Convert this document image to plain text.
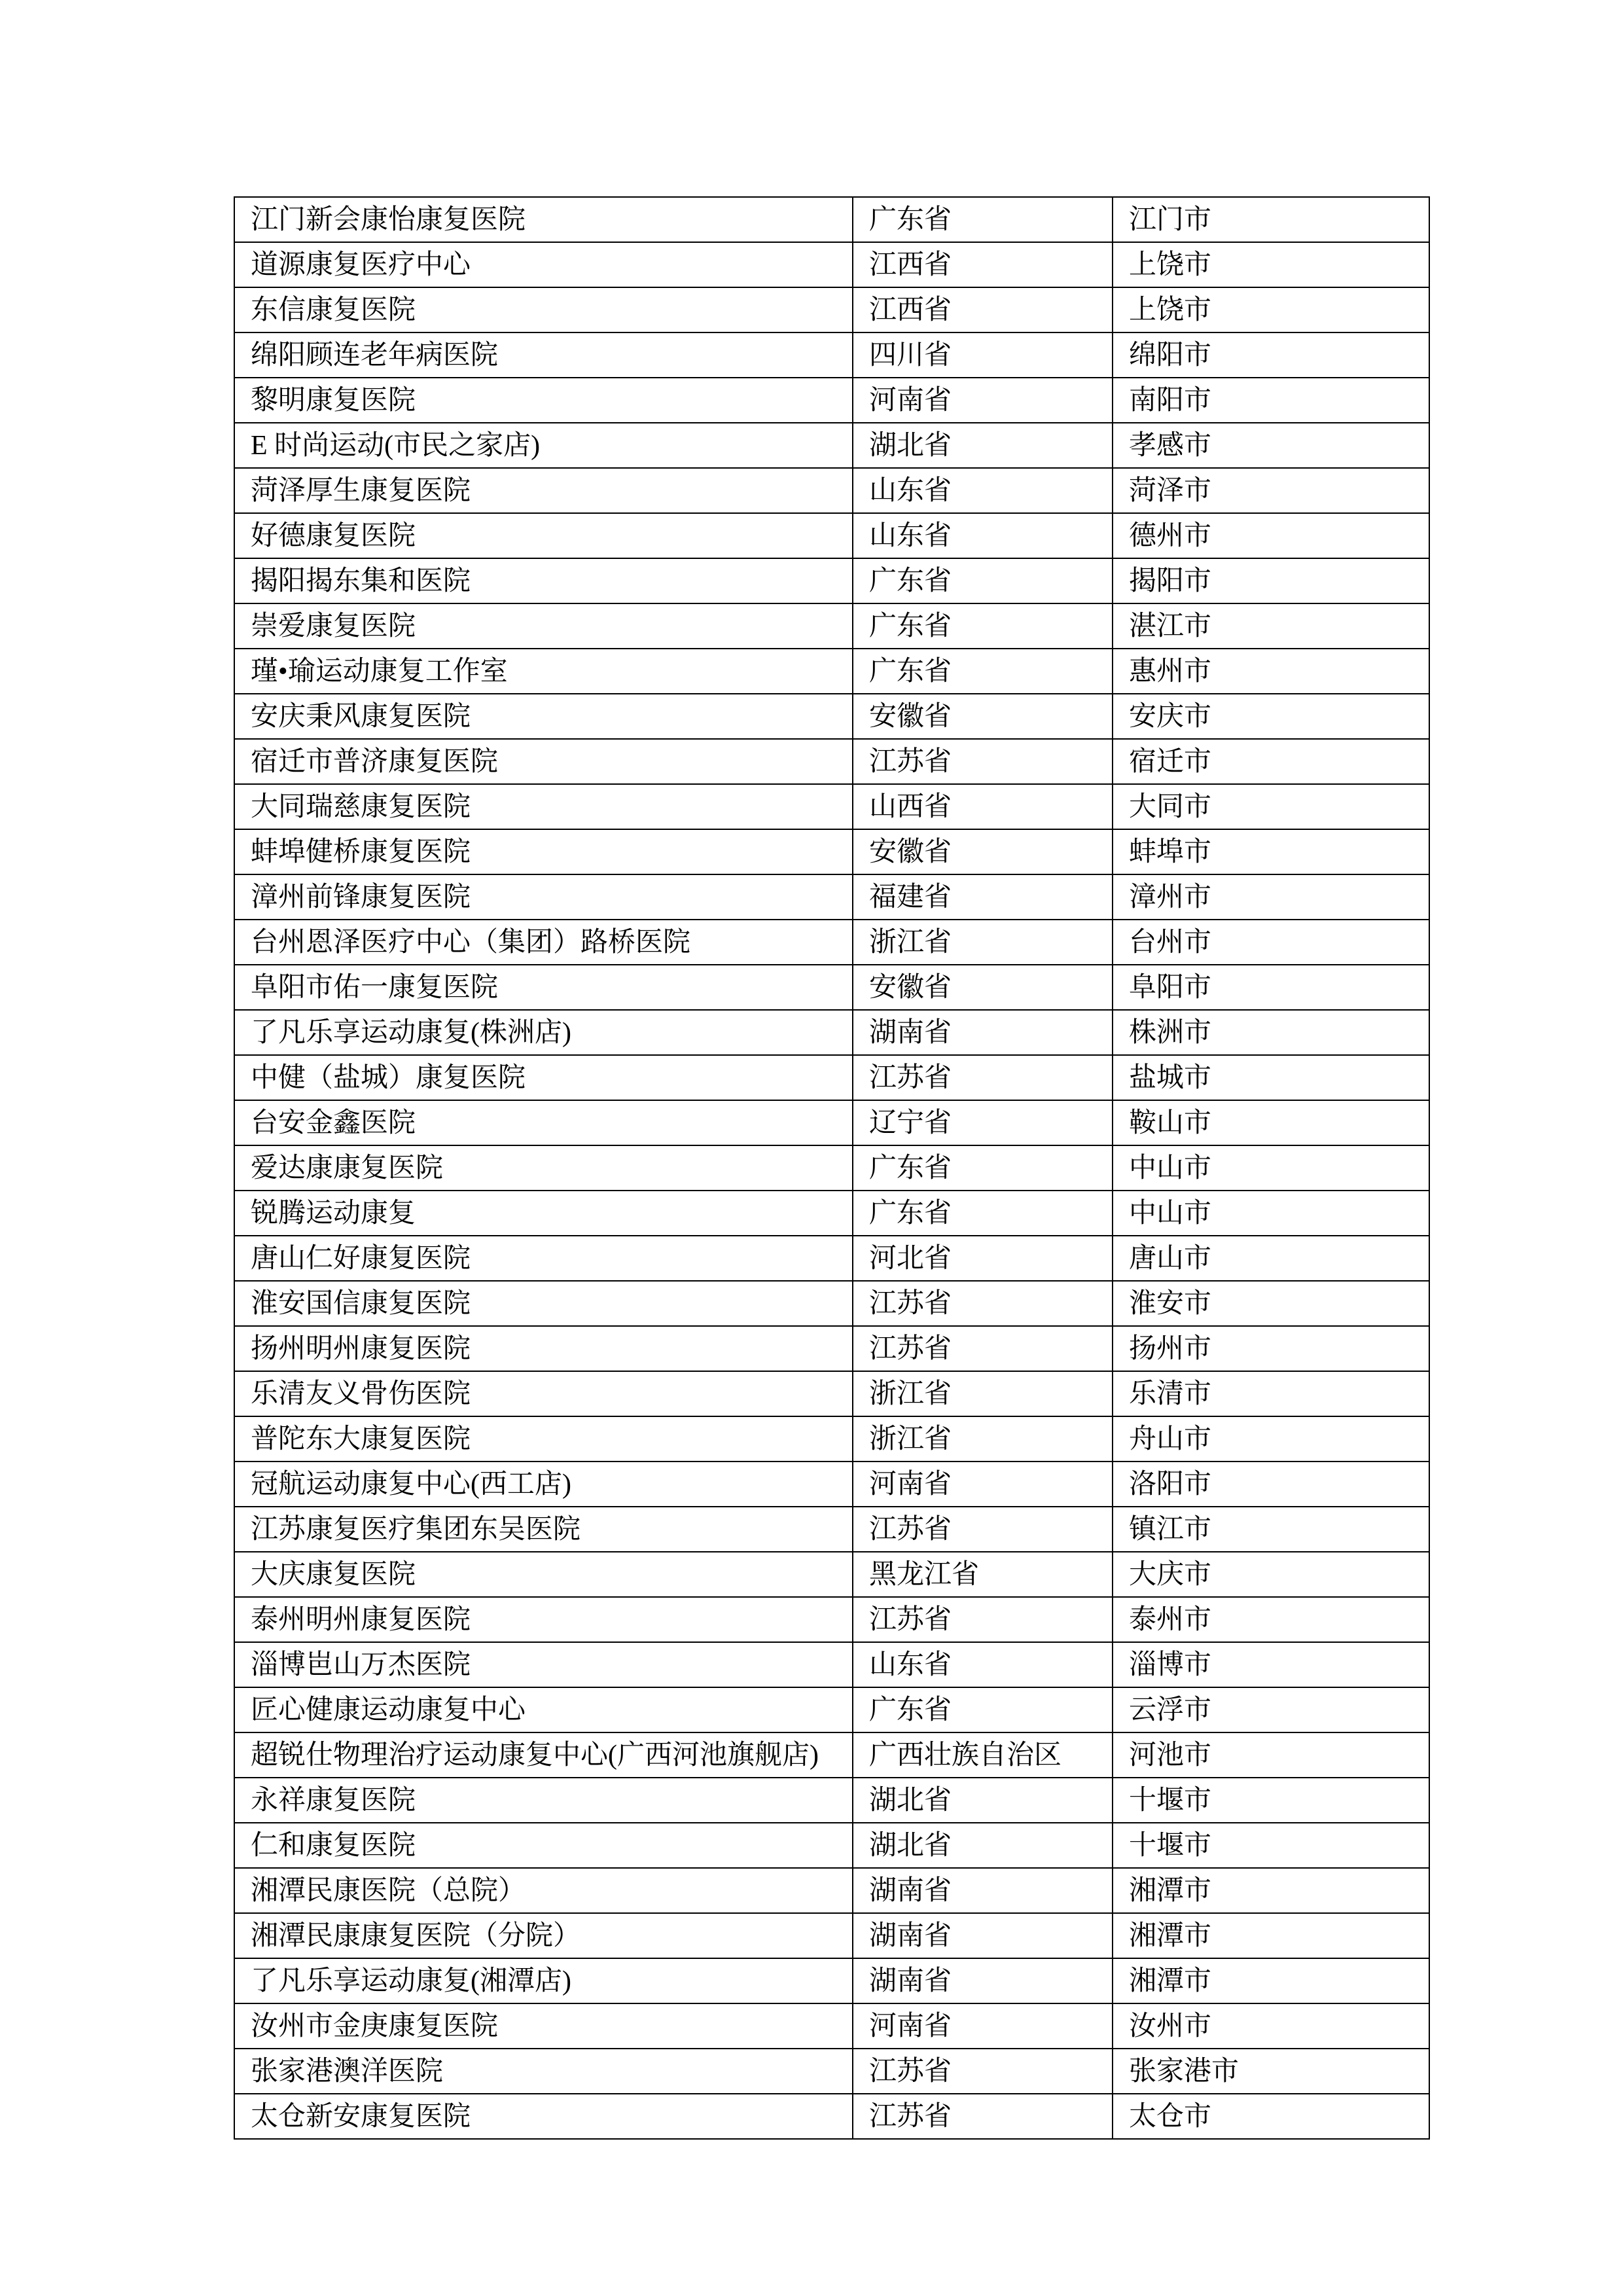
江门新会康怡康复医院	广东省	江门市
道源康复医疗中心	江西省	上饶市
东信康复医院	江西省	上饶市
绵阳顾连老年病医院	四川省	绵阳市
黎明康复医院	河南省	南阳市
E 时尚运动(市民之家店)	湖北省	孝感市
菏泽厚生康复医院	山东省	菏泽市
好德康复医院	山东省	德州市
揭阳揭东集和医院	广东省	揭阳市
崇爱康复医院	广东省	湛江市
瑾•瑜运动康复工作室	广东省	惠州市
安庆秉风康复医院	安徽省	安庆市
宿迁市普济康复医院	江苏省	宿迁市
大同瑞慈康复医院	山西省	大同市
蚌埠健桥康复医院	安徽省	蚌埠市
漳州前锋康复医院	福建省	漳州市
台州恩泽医疗中心（集团）路桥医院	浙江省	台州市
阜阳市佑一康复医院	安徽省	阜阳市
了凡乐享运动康复(株洲店)	湖南省	株洲市
中健（盐城）康复医院	江苏省	盐城市
台安金鑫医院	辽宁省	鞍山市
爱达康康复医院	广东省	中山市
锐腾运动康复	广东省	中山市
唐山仁好康复医院	河北省	唐山市
淮安国信康复医院	江苏省	淮安市
扬州明州康复医院	江苏省	扬州市
乐清友义骨伤医院	浙江省	乐清市
普陀东大康复医院	浙江省	舟山市
冠航运动康复中心(西工店)	河南省	洛阳市
江苏康复医疗集团东吴医院	江苏省	镇江市
大庆康复医院	黑龙江省	大庆市
泰州明州康复医院	江苏省	泰州市
淄博岜山万杰医院	山东省	淄博市
匠心健康运动康复中心	广东省	云浮市
超锐仕物理治疗运动康复中心(广西河池旗舰店)	广西壮族自治区	河池市
永祥康复医院	湖北省	十堰市
仁和康复医院	湖北省	十堰市
湘潭民康医院（总院）	湖南省	湘潭市
湘潭民康康复医院（分院）	湖南省	湘潭市
了凡乐享运动康复(湘潭店)	湖南省	湘潭市
汝州市金庚康复医院	河南省	汝州市
张家港澳洋医院	江苏省	张家港市
太仓新安康复医院	江苏省	太仓市
